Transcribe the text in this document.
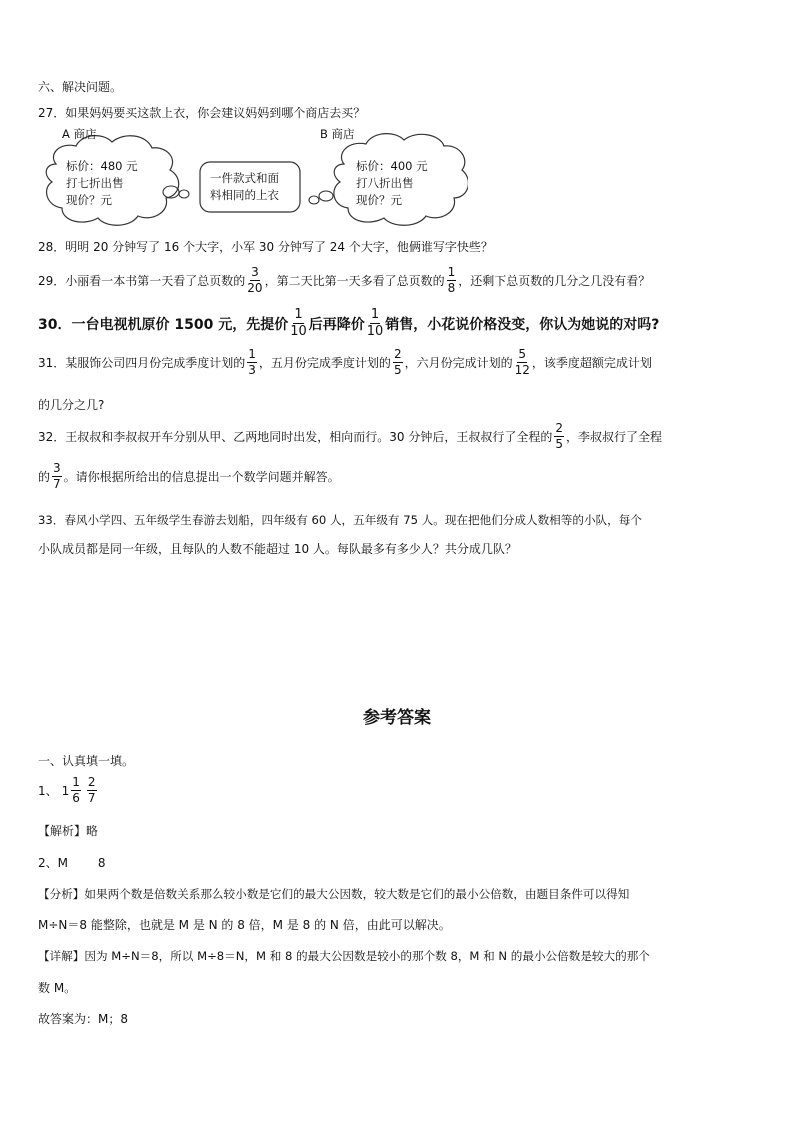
六、解决问题。
27．如果妈妈要买这款上衣，你会建议妈妈到哪个商店去买？
A 商店	B 商店
标价：480 元
打七折出售
现价？元
一件款式和面
料相同的上衣
标价：400 元
打八折出售
现价？元
28．明明 20 分钟写了 16 个大字，小军 30 分钟写了 24 个大字，他俩谁写字快些？
29．小丽看一本书第一天看了总页数的 $\frac{3}{20}$ ，第二天比第一天多看了总页数的 $\frac{1}{8}$ ，还剩下总页数的几分之几没有看？
30．一台电视机原价 1500 元，先提价 $\frac{1}{10}$ 后再降价 $\frac{1}{10}$ 销售，小花说价格没变，你认为她说的对吗?
31．某服饰公司四月份完成季度计划的 $\frac{1}{3}$ ，五月份完成季度计划的 $\frac{2}{5}$ ，六月份完成计划的 $\frac{5}{12}$ ，该季度超额完成计划
的几分之几?
32．王叔叔和李叔叔开车分别从甲、乙两地同时出发，相向而行。30 分钟后，王叔叔行了全程的 $\frac{2}{5}$ ，李叔叔行了全程
的 $\frac{3}{7}$ 。请你根据所给出的信息提出一个数学问题并解答。
33．春风小学四、五年级学生春游去划船，四年级有 60 人，五年级有 75 人。现在把他们分成人数相等的小队，每个
小队成员都是同一年级，且每队的人数不能超过 10 人。每队最多有多少人？共分成几队？
参考答案
一、认真填一填。
1、 $1 \frac{1}{6} \frac{2}{7}$
【解析】略
2、M 8
【分析】如果两个数是倍数关系那么较小数是它们的最大公因数，较大数是它们的最小公倍数，由题目条件可以得知
M÷N＝8 能整除，也就是 M 是 N 的 8 倍，M 是 8 的 N 倍，由此可以解决。
【详解】因为 M÷N＝8，所以 M÷8＝N，M 和 8 的最大公因数是较小的那个数 8，M 和 N 的最小公倍数是较大的那个
数 M。
故答案为：M；8
